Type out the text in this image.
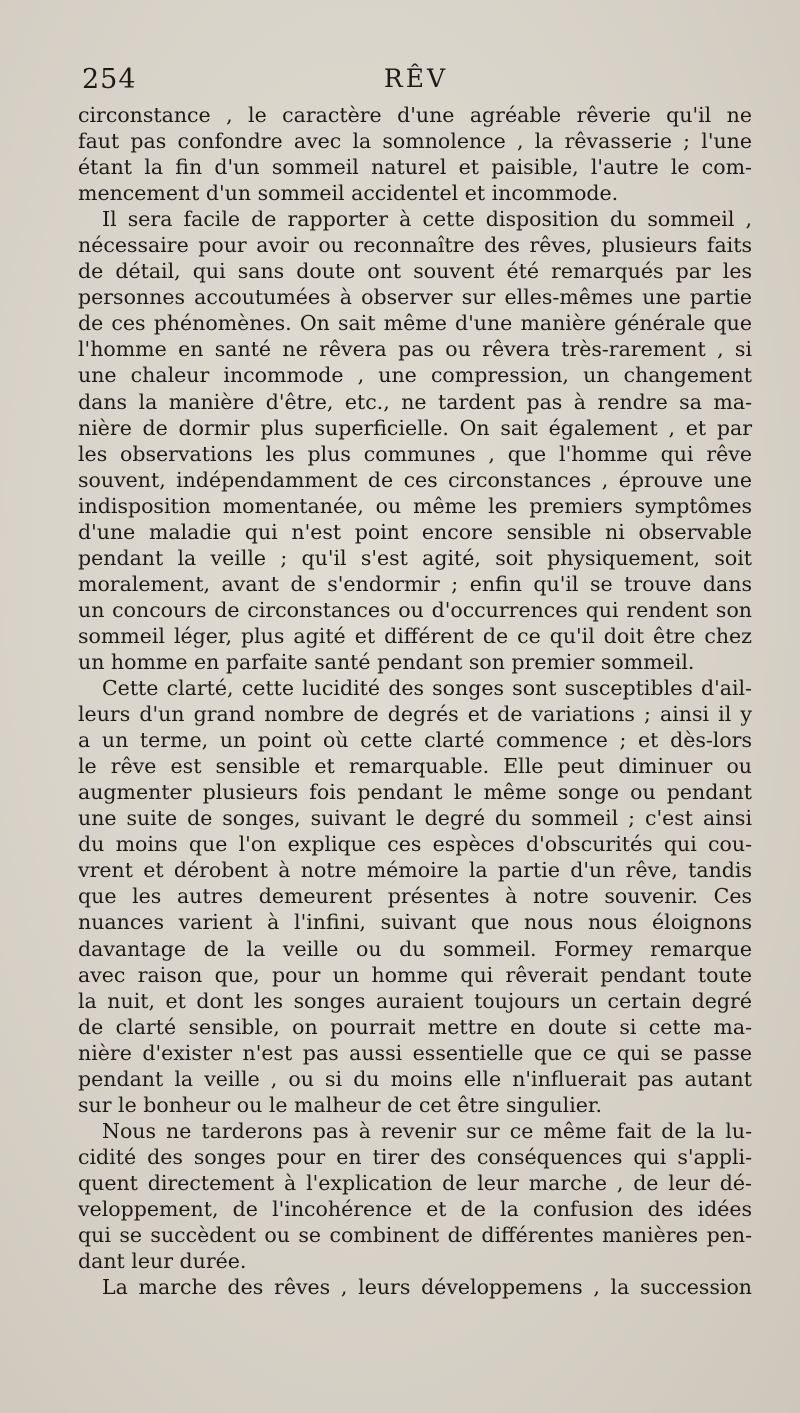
254	RÊV
circonstance , le caractère d'une agréable rêverie qu'il ne
faut pas confondre avec la somnolence , la rêvasserie ; l'une
étant la fin d'un sommeil naturel et paisible, l'autre le com-
mencement d'un sommeil accidentel et incommode.
Il sera facile de rapporter à cette disposition du sommeil ,
nécessaire pour avoir ou reconnaître des rêves, plusieurs faits
de détail, qui sans doute ont souvent été remarqués par les
personnes accoutumées à observer sur elles-mêmes une partie
de ces phénomènes. On sait même d'une manière générale que
l'homme en santé ne rêvera pas ou rêvera très-rarement , si
une chaleur incommode , une compression, un changement
dans la manière d'être, etc., ne tardent pas à rendre sa ma-
nière de dormir plus superficielle. On sait également , et par
les observations les plus communes , que l'homme qui rêve
souvent, indépendamment de ces circonstances , éprouve une
indisposition momentanée, ou même les premiers symptômes
d'une maladie qui n'est point encore sensible ni observable
pendant la veille ; qu'il s'est agité, soit physiquement, soit
moralement, avant de s'endormir ; enfin qu'il se trouve dans
un concours de circonstances ou d'occurrences qui rendent son
sommeil léger, plus agité et différent de ce qu'il doit être chez
un homme en parfaite santé pendant son premier sommeil.
Cette clarté, cette lucidité des songes sont susceptibles d'ail-
leurs d'un grand nombre de degrés et de variations ; ainsi il y
a un terme, un point où cette clarté commence ; et dès-lors
le rêve est sensible et remarquable. Elle peut diminuer ou
augmenter plusieurs fois pendant le même songe ou pendant
une suite de songes, suivant le degré du sommeil ; c'est ainsi
du moins que l'on explique ces espèces d'obscurités qui cou-
vrent et dérobent à notre mémoire la partie d'un rêve, tandis
que les autres demeurent présentes à notre souvenir. Ces
nuances varient à l'infini, suivant que nous nous éloignons
davantage de la veille ou du sommeil. Formey remarque
avec raison que, pour un homme qui rêverait pendant toute
la nuit, et dont les songes auraient toujours un certain degré
de clarté sensible, on pourrait mettre en doute si cette ma-
nière d'exister n'est pas aussi essentielle que ce qui se passe
pendant la veille , ou si du moins elle n'influerait pas autant
sur le bonheur ou le malheur de cet être singulier.
Nous ne tarderons pas à revenir sur ce même fait de la lu-
cidité des songes pour en tirer des conséquences qui s'appli-
quent directement à l'explication de leur marche , de leur dé-
veloppement, de l'incohérence et de la confusion des idées
qui se succèdent ou se combinent de différentes manières pen-
dant leur durée.
La marche des rêves , leurs développemens , la succession
